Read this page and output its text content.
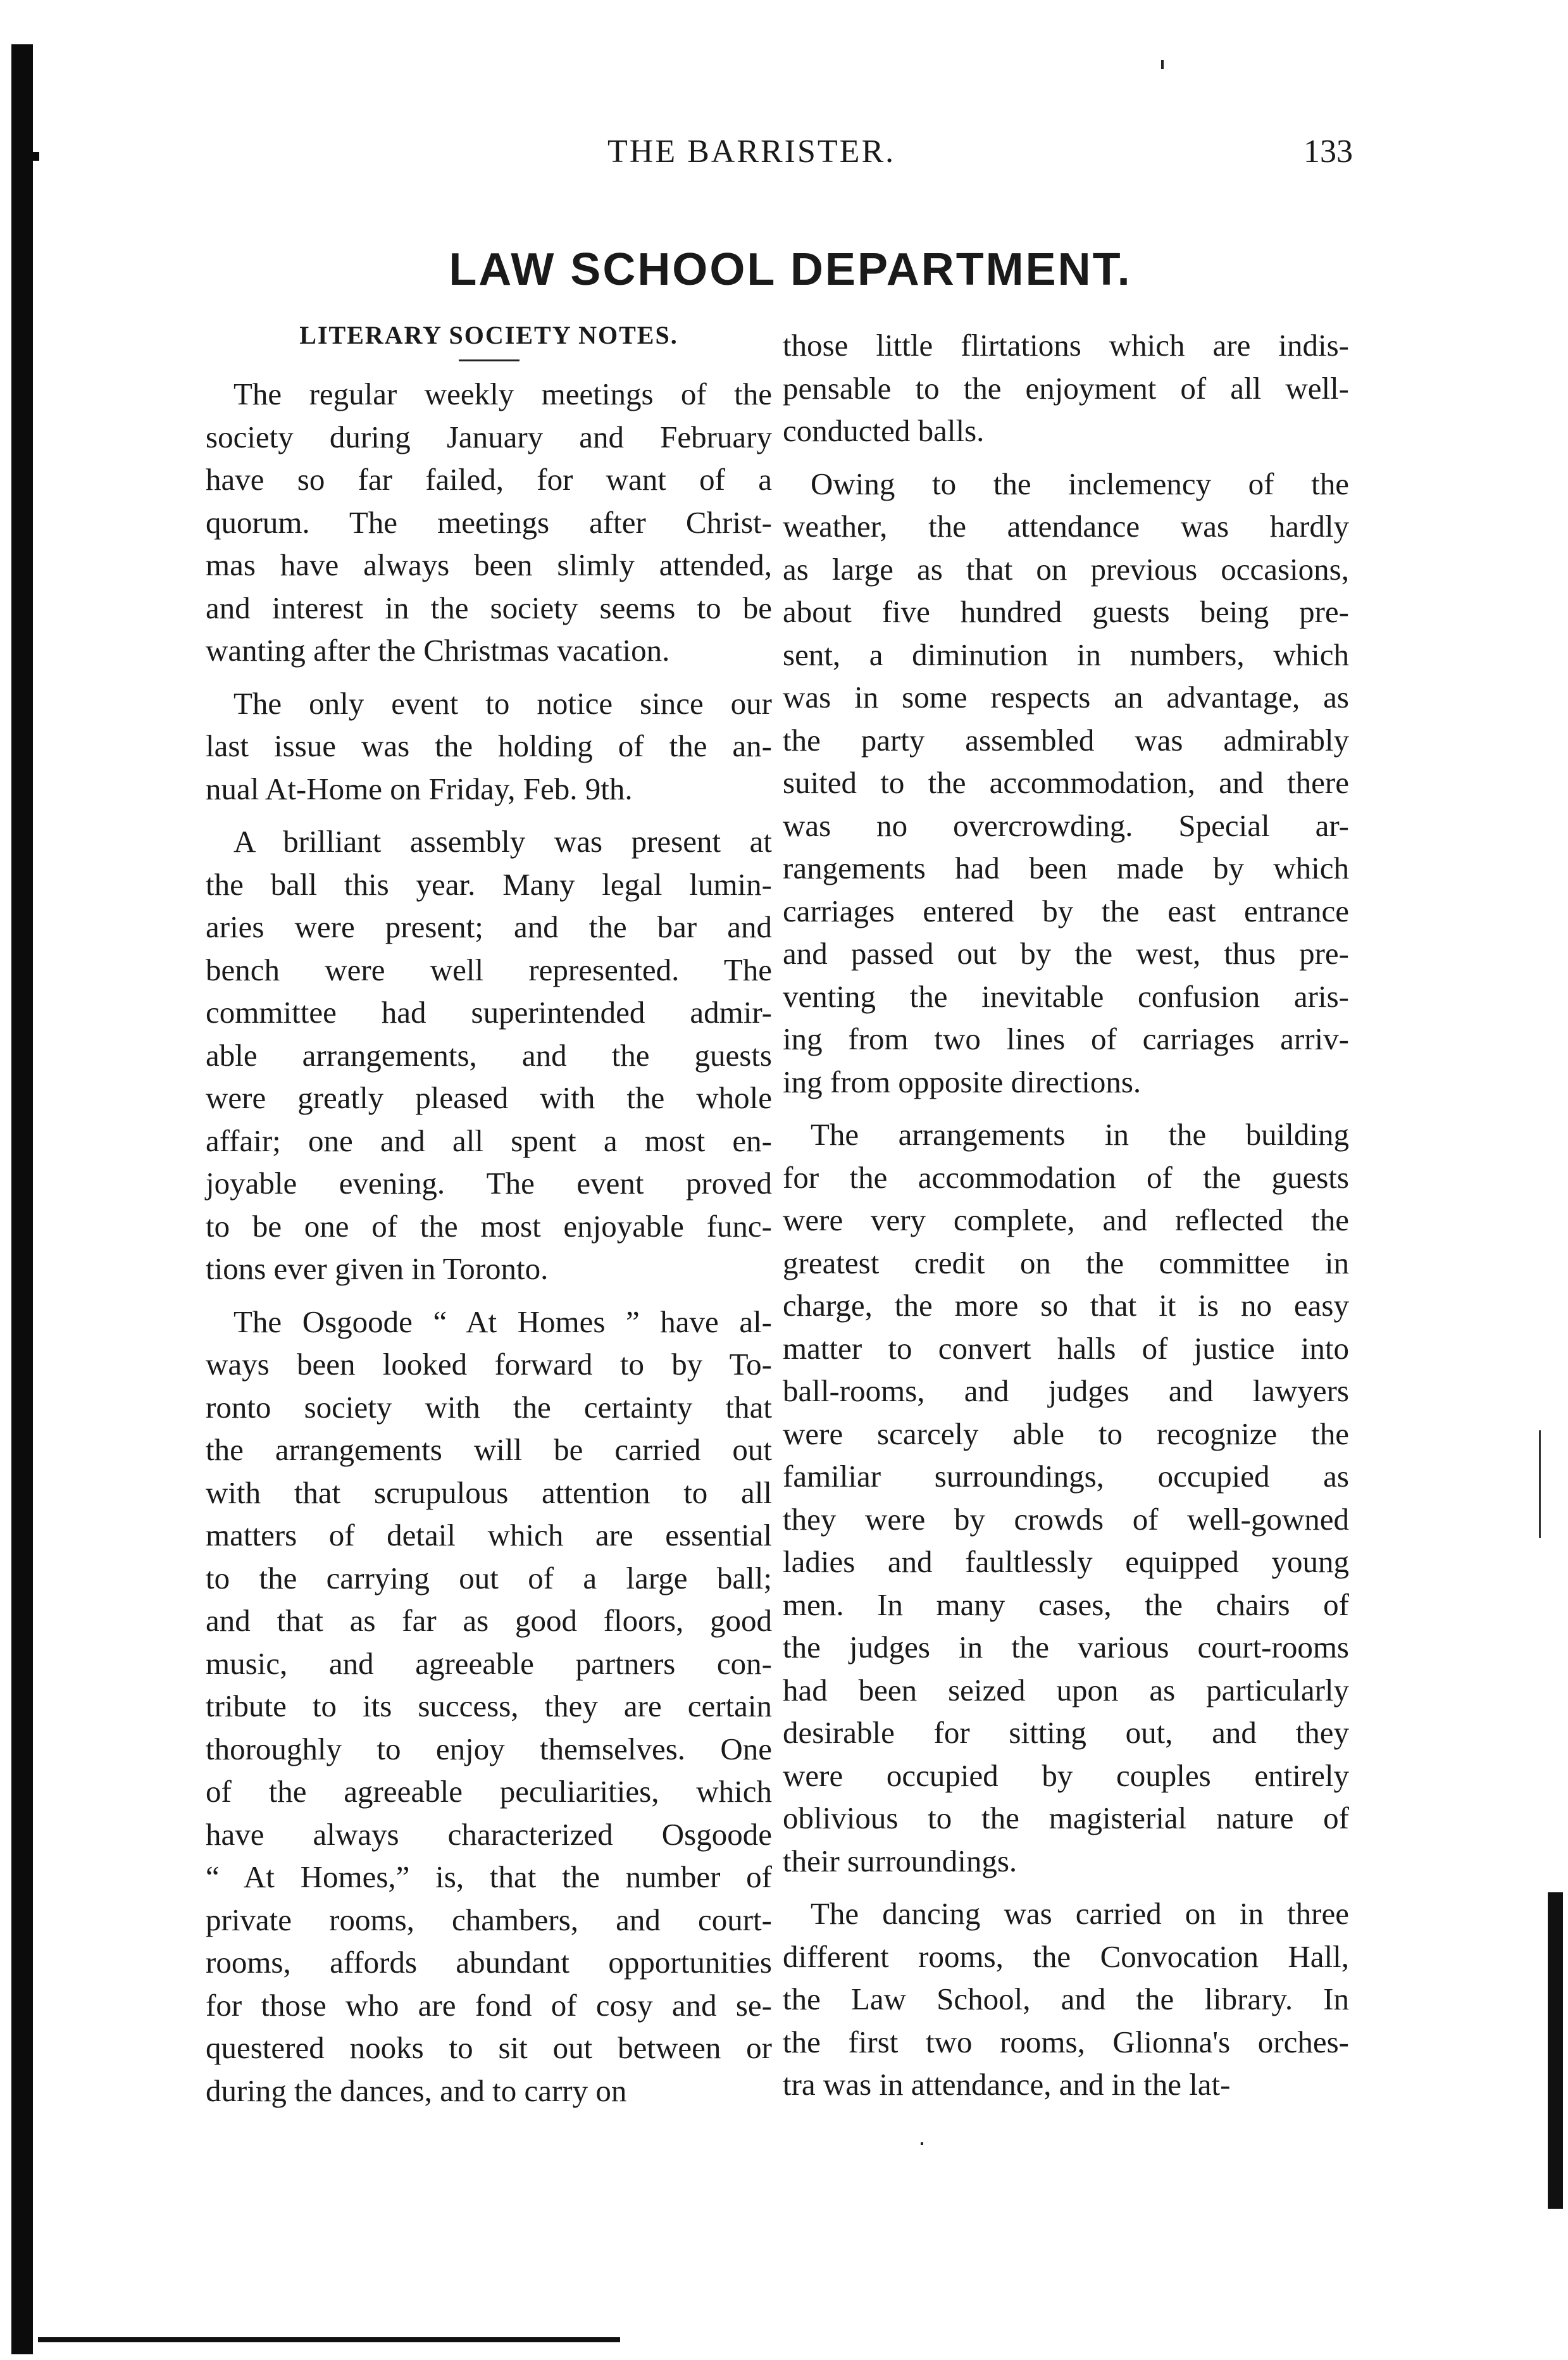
THE BARRISTER.	133
LAW SCHOOL DEPARTMENT.
LITERARY SOCIETY NOTES.
The regular weekly meetings of the
society during January and February
have so far failed, for want of a
quorum. The meetings after Christ-
mas have always been slimly attended,
and interest in the society seems to be
wanting after the Christmas vacation.
The only event to notice since our
last issue was the holding of the an-
nual At-Home on Friday, Feb. 9th.
A brilliant assembly was present at
the ball this year. Many legal lumin-
aries were present; and the bar and
bench were well represented. The
committee had superintended admir-
able arrangements, and the guests
were greatly pleased with the whole
affair; one and all spent a most en-
joyable evening. The event proved
to be one of the most enjoyable func-
tions ever given in Toronto.
The Osgoode “ At Homes ” have al-
ways been looked forward to by To-
ronto society with the certainty that
the arrangements will be carried out
with that scrupulous attention to all
matters of detail which are essential
to the carrying out of a large ball;
and that as far as good floors, good
music, and agreeable partners con-
tribute to its success, they are certain
thoroughly to enjoy themselves. One
of the agreeable peculiarities, which
have always characterized Osgoode
“ At Homes,” is, that the number of
private rooms, chambers, and court-
rooms, affords abundant opportunities
for those who are fond of cosy and se-
questered nooks to sit out between or
during the dances, and to carry on
those little flirtations which are indis-
pensable to the enjoyment of all well-
conducted balls.
Owing to the inclemency of the
weather, the attendance was hardly
as large as that on previous occasions,
about five hundred guests being pre-
sent, a diminution in numbers, which
was in some respects an advantage, as
the party assembled was admirably
suited to the accommodation, and there
was no overcrowding. Special ar-
rangements had been made by which
carriages entered by the east entrance
and passed out by the west, thus pre-
venting the inevitable confusion aris-
ing from two lines of carriages arriv-
ing from opposite directions.
The arrangements in the building
for the accommodation of the guests
were very complete, and reflected the
greatest credit on the committee in
charge, the more so that it is no easy
matter to convert halls of justice into
ball-rooms, and judges and lawyers
were scarcely able to recognize the
familiar surroundings, occupied as
they were by crowds of well-gowned
ladies and faultlessly equipped young
men. In many cases, the chairs of
the judges in the various court-rooms
had been seized upon as particularly
desirable for sitting out, and they
were occupied by couples entirely
oblivious to the magisterial nature of
their surroundings.
The dancing was carried on in three
different rooms, the Convocation Hall,
the Law School, and the library. In
the first two rooms, Glionna's orches-
tra was in attendance, and in the lat-
